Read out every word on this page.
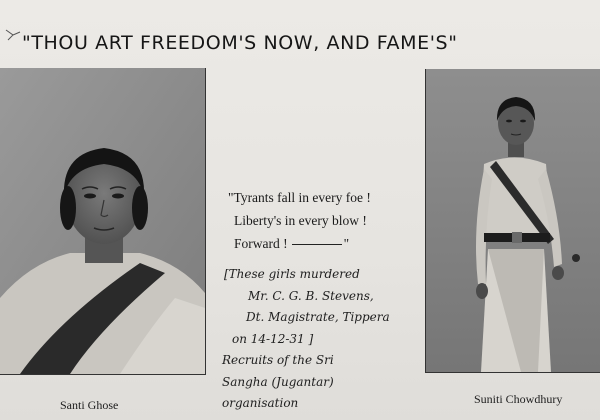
"THOU ART FREEDOM'S NOW, AND FAME'S"
Santi Ghose
"Tyrants fall in every foe !
Liberty's in every blow !
Forward !	"
[These girls murdered
Mr. C. G. B. Stevens,
Dt. Magistrate, Tippera
on 14-12-31 ]
Recruits of the Sri
Sangha (Jugantar)
organisation	Suniti Chowdhury
